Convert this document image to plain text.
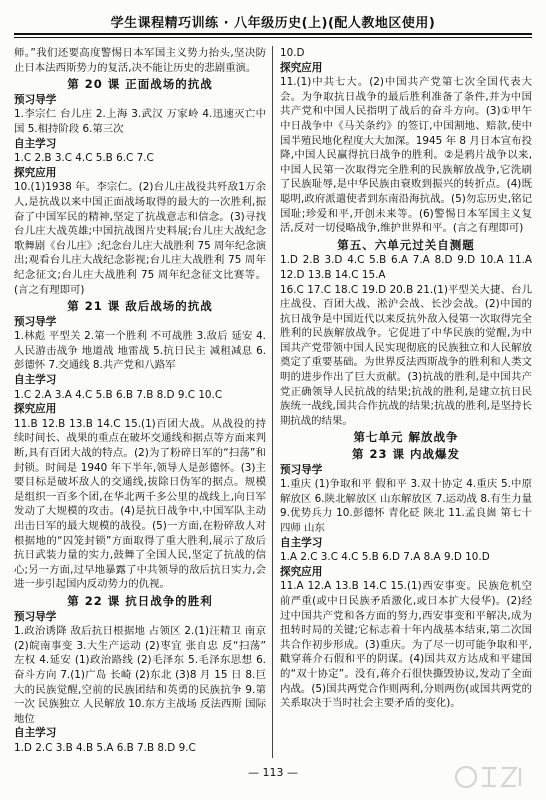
学生课程精巧训练 · 八年级历史(上)(配人教地区使用)

师。”我们还要高度警惕日本军国主义势力抬头,坚决防止日本法西斯势力的复活,决不能让历史的悲剧重演。

第 20 课 正面战场的抗战

预习导学

1.李宗仁 台儿庄 2.上海 3.武汉 万家岭 4.迅速灭亡中国 5.相持阶段 6.第三次

自主学习

1.C 2.B 3.C 4.C 5.B 6.C 7.C

探究应用

10.(1)1938 年。李宗仁。(2)台儿庄战役共歼敌1万余人,是抗战以来中国正面战场取得的最大的一次胜利,振奋了中国军民的精神,坚定了抗战意志和信念。(3)寻找台儿庄大战英雄;中国抗战图片史料展;台儿庄大战纪念歌舞剧《台儿庄》;纪念台儿庄大战胜利 75 周年纪念演出;观看台儿庄大战纪念影视;台儿庄大战胜利 75 周年纪念征文;台儿庄大战胜利 75 周年纪念征文比赛等。(言之有理即可)

第 21 课 敌后战场的抗战

预习导学

1.林彪 平型关 2.第一个胜利 不可战胜 3.敌后 延安 4.人民游击战争 地道战 地雷战 5.抗日民主 减租减息 6.彭德怀 7.交通线 8.共产党和八路军

自主学习

1.C 2.A 3.A 4.C 5.B 6.B 7.B 8.D 9.C 10.C

探究应用

11.B 12.B 13.B 14.C 15.(1)百团大战。从战役的持续时间长、战果的重点在破坏交通线和据点等方面来判断,具有百团大战的特点。(2)为了粉碎日军的“扫荡”和封锁。时间是 1940 年下半年,领导人是彭德怀。(3)主要目标是破坏敌人的交通线,拔除日伪军的据点。规模是组织一百多个团,在华北两千多公里的战线上,向日军发动了大规模的攻击。(4)是抗日战争中,中国军队主动出击日军的最大规模的战役。(5)一方面,在粉碎敌人对根据地的“囚笼封锁”方面取得了重大胜利,展示了敌后抗日武装力量的实力,鼓舞了全国人民,坚定了抗战的信心;另一方面,过早地暴露了中共领导的敌后抗日实力,会进一步引起国内反动势力的仇视。

第 22 课 抗日战争的胜利

预习导学

1.政治诱降 敌后抗日根据地 占领区 2.(1)汪精卫 南京 (2)皖南事变 3.大生产运动 (2)枣宜 张自忠 反“扫荡” 左权 4.延安 (1)政治路线 (2)毛泽东 5.毛泽东思想 6.奋斗方向 7.(1)广岛 长崎 (2)东北 (3)8 月 15 日 8.巨大的民族觉醒,空前的民族团结和英勇的民族抗争 9.第一次 民族独立 人民解放 10.东方主战场 反法西斯 国际地位

自主学习

1.D 2.C 3.B 4.B 5.A 6.B 7.B 8.D 9.C

10.D

探究应用

11.(1)中共七大。(2)中国共产党第七次全国代表大会。为争取抗日战争的最后胜利准备了条件,并为中国共产党和中国人民指明了战后的奋斗方向。(3)①甲午中日战争中《马关条约》的签订,中国割地、赔款,使中国半殖民地化程度大大加深。1945 年 8 月日本宣布投降,中国人民赢得抗日战争的胜利。②是鸦片战争以来,中国人民第一次取得完全胜利的民族解放战争,它洗刷了民族耻辱,是中华民族由衰败到振兴的转折点。(4)既聪明,政府派遣使者到东南沿海抗战。(5)勿忘历史,铭记国耻;珍爱和平,开创未来等。(6)警惕日本军国主义复活,反对一切侵略战争,维护世界和平。(言之有理即可)

第五、六单元过关自测题

1.D 2.B 3.D 4.C 5.B 6.A 7.A 8.D 9.D 10.A 11.A 12.D 13.B 14.C 15.A

16.C 17.C 18.C 19.D 20.B 21.(1)平型关大捷、台儿庄战役、百团大战、淞沪会战、长沙会战。(2)中国的抗日战争是中国近代以来反抗外敌入侵第一次取得完全胜利的民族解放战争。它促进了中华民族的觉醒,为中国共产党带领中国人民实现彻底的民族独立和人民解放奠定了重要基础。为世界反法西斯战争的胜利和人类文明的进步作出了巨大贡献。(3)抗战的胜利,是中国共产党正确领导人民抗战的结果;抗战的胜利,是建立抗日民族统一战线,国共合作抗战的结果;抗战的胜利,是坚持长期抗战的结果。

第七单元 解放战争
第 23 课 内战爆发

预习导学

1.重庆 (1)争取和平 假和平 3.双十协定 4.重庆 5.中原解放区 6.陕北解放区 山东解放区 7.运动战 8.有生力量 9.优势兵力 10.彭德怀 青化砭 陕北 11.孟良崮 第七十四师 山东

自主学习

1.A 2.C 3.C 4.C 5.B 6.D 7.A 8.A 9.D 10.D

探究应用

11.A 12.A 13.B 14.C 15.(1)西安事变。民族危机空前严重(或中日民族矛盾激化,或日本扩大侵华)。(2)经过中国共产党和各方面的努力,西安事变和平解决,成为扭转时局的关键;它标志着十年内战基本结束,第二次国共合作初步形成。(3)重庆。为了尽一切可能争取和平,戳穿蒋介石假和平的阴谋。(4)国共双方达成和平建国的“双十协定”。没有,蒋介石很快撕毁协议,发动了全面内战。(5)国共两党合作则两利,分则两伤(或国共两党的关系取决于当时社会主要矛盾的变化)。

— 113 —
